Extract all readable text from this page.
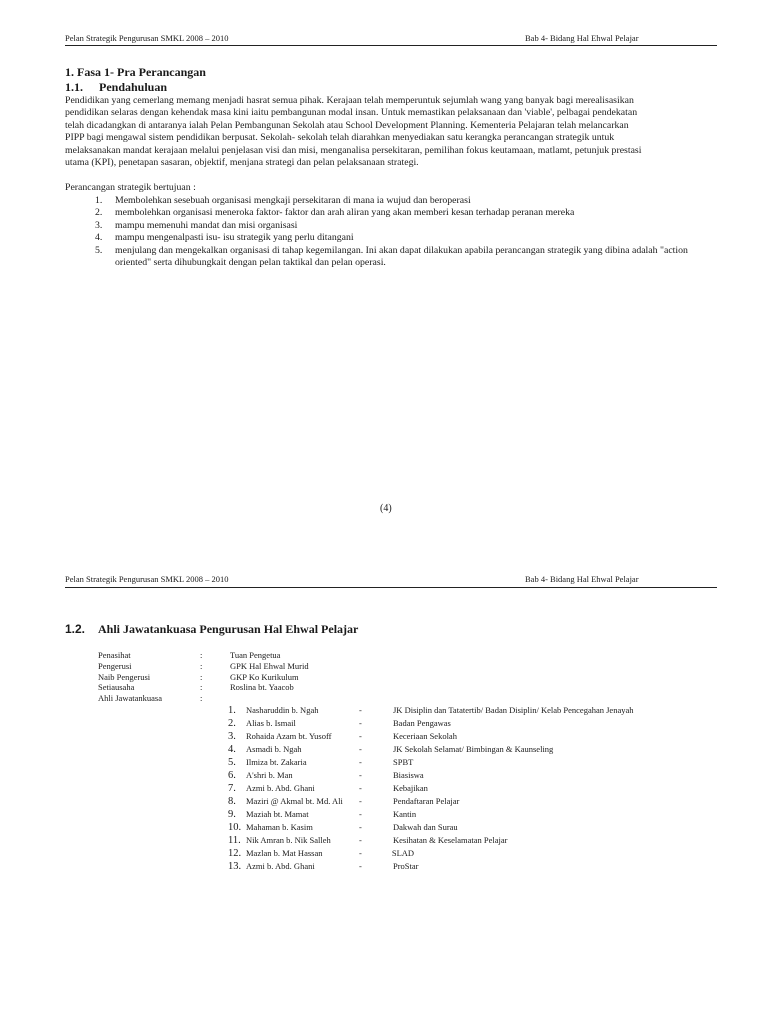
Pelan Strategik Pengurusan SMKL 2008 – 2010	Bab 4- Bidang Hal Ehwal Pelajar
1. Fasa 1- Pra Perancangan
1.1. Pendahuluan
Pendidikan yang cemerlang memang menjadi hasrat semua pihak. Kerajaan telah memperuntuk sejumlah wang yang banyak bagi merealisasikan
pendidikan selaras dengan kehendak masa kini iaitu pembangunan modal insan. Untuk memastikan pelaksanaan dan 'viable', pelbagai pendekatan
telah dicadangkan di antaranya ialah Pelan Pembangunan Sekolah atau School Development Planning. Kementeria Pelajaran telah melancarkan
PIPP bagi mengawal sistem pendidikan berpusat. Sekolah- sekolah telah diarahkan menyediakan satu kerangka perancangan strategik untuk
melaksanakan mandat kerajaan melalui penjelasan visi dan misi, menganalisa persekitaran, pemilihan fokus keutamaan, matlamt, petunjuk prestasi
utama (KPI), penetapan sasaran, objektif, menjana strategi dan pelan pelaksanaan strategi.
Perancangan strategik bertujuan :
1.	Membolehkan sesebuah organisasi mengkaji persekitaran di mana ia wujud dan beroperasi
2.	membolehkan organisasi meneroka faktor- faktor dan arah aliran yang akan memberi kesan terhadap peranan mereka
3.	mampu memenuhi mandat dan misi organisasi
4.	mampu mengenalpasti isu- isu strategik yang perlu ditangani
5.	menjulang dan mengekalkan organisasi di tahap kegemilangan. Ini akan dapat dilakukan apabila perancangan strategik yang dibina adalah "action oriented" serta dihubungkait dengan pelan taktikal dan pelan operasi.
(4)
Pelan Strategik Pengurusan SMKL 2008 – 2010	Bab 4- Bidang Hal Ehwal Pelajar
1.2. Ahli Jawatankuasa Pengurusan Hal Ehwal Pelajar
Penasihat	:	Tuan Pengetua
Pengerusi	:	GPK Hal Ehwal Murid
Naib Pengerusi	:	GKP Ko Kurikulum
Setiausaha	:	Roslina bt. Yaacob
Ahli Jawatankuasa	:
1.	Nasharuddin b. Ngah	-	JK Disiplin dan Tatatertib/ Badan Disiplin/ Kelab Pencegahan Jenayah
2.	Alias b. Ismail	-	Badan Pengawas
3.	Rohaida Azam bt. Yusoff	-	Keceriaan Sekolah
4.	Asmadi b. Ngah	-	JK Sekolah Selamat/ Bimbingan & Kaunseling
5.	Ilmiza bt. Zakaria	-	SPBT
6.	A'shri b. Man	-	Biasiswa
7.	Azmi b. Abd. Ghani	-	Kebajikan
8.	Maziri @ Akmal bt. Md. Ali	-	Pendaftaran Pelajar
9.	Maziah bt. Mamat	-	Kantin
10. Mahaman b. Kasim	-	Dakwah dan Surau
11. Nik Amran b. Nik Salleh	-	Kesihatan & Keselamatan Pelajar
12. Mazlan b. Mat Hassan	-	SLAD
13. Azmi b. Abd. Ghani	-	ProStar
